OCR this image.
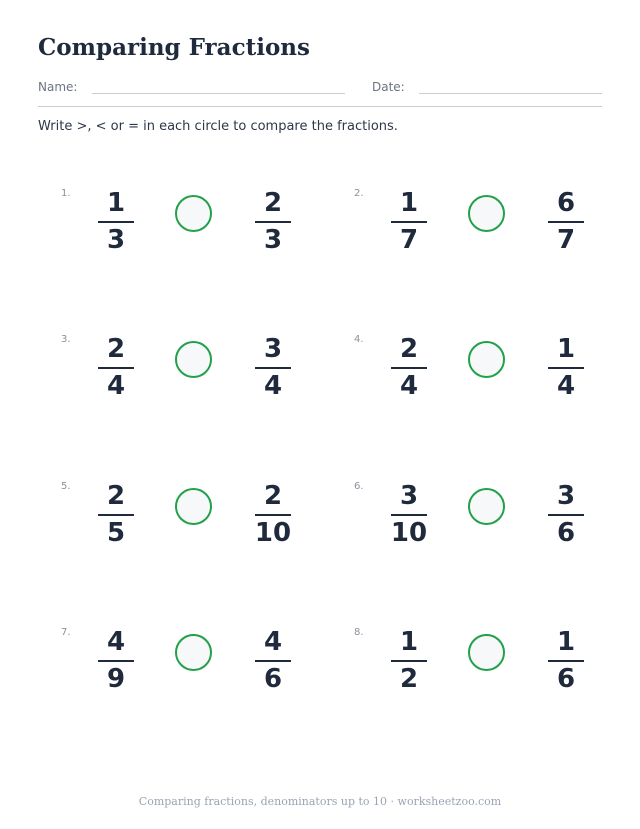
Comparing Fractions
Name:	Date:
Write >, < or = in each circle to compare the fractions.
1.	1
3
2
3
2.	1
7
6
7
3.	2
4
3
4
4.	2
4
1
4
5.	2
5
2
10
6.	3
10
3
6
7.	4
9
4
6
8.	1
2
1
6
Comparing fractions, denominators up to 10 · worksheetzoo.com
